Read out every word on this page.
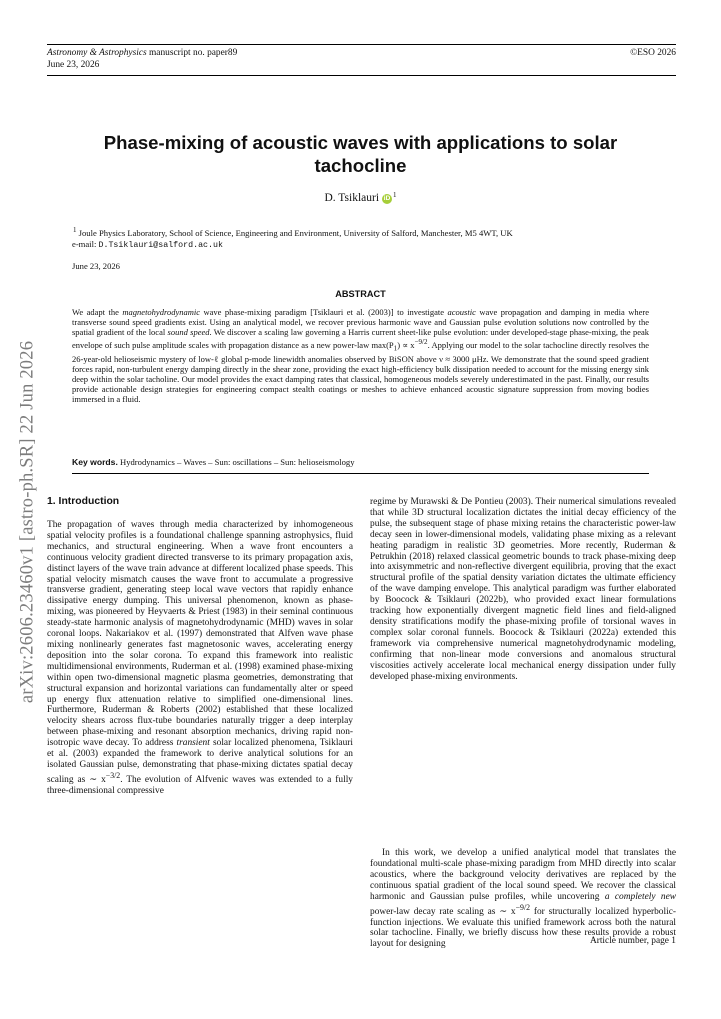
Astronomy & Astrophysics manuscript no. paper89
June 23, 2026
©ESO 2026
arXiv:2606.23460v1 [astro-ph.SR] 22 Jun 2026
Phase-mixing of acoustic waves with applications to solar tachocline
D. Tsiklauri iD $^1$
$^1$ Joule Physics Laboratory, School of Science, Engineering and Environment, University of Salford, Manchester, M5 4WT, UK
e-mail: D.Tsiklauri@salford.ac.uk
June 23, 2026
ABSTRACT

We adapt the magnetohydrodynamic wave phase-mixing paradigm [Tsiklauri et al. (2003)] to investigate acoustic wave propagation and damping in media where transverse sound speed gradients exist. Using an analytical model, we recover previous harmonic wave and Gaussian pulse evolution solutions now controlled by the spatial gradient of the local sound speed. We discover a scaling law governing a Harris current sheet-like pulse evolution: under developed-stage phase-mixing, the peak envelope of such pulse amplitude scales with propagation distance as a new power-law $\max(P_1) \propto x^{-9/2}$. Applying our model to the solar tachocline directly resolves the 26-year-old helioseismic mystery of low-ℓ global p-mode linewidth anomalies observed by BiSON above ν ≈ 3000 μHz. We demonstrate that the sound speed gradient forces rapid, non-turbulent energy damping directly in the shear zone, providing the exact high-efficiency bulk dissipation needed to account for the missing energy sink deep within the solar tacholine. Our model provides the exact damping rates that classical, homogeneous models severely underestimated in the past. Finally, our results provide actionable design strategies for engineering compact stealth coatings or meshes to achieve enhanced acoustic signature suppression from moving bodies immersed in a fluid.

Key words. Hydrodynamics – Waves – Sun: oscillations – Sun: helioseismology
1. Introduction

The propagation of waves through media characterized by inhomogeneous spatial velocity profiles is a foundational challenge spanning astrophysics, fluid mechanics, and structural engineering. When a wave front encounters a continuous velocity gradient directed transverse to its primary propagation axis, distinct layers of the wave train advance at different localized phase speeds. This spatial velocity mismatch causes the wave front to accumulate a progressive transverse gradient, generating steep local wave vectors that rapidly enhance dissipative energy dumping. This universal phenomenon, known as phase-mixing, was pioneered by Heyvaerts & Priest (1983) in their seminal continuous steady-state harmonic analysis of magnetohydrodynamic (MHD) waves in solar coronal loops. Nakariakov et al. (1997) demonstrated that Alfven wave phase mixing nonlinearly generates fast magnetosonic waves, accelerating energy deposition into the solar corona. To expand this framework into realistic multidimensional environments, Ruderman et al. (1998) examined phase-mixing within open two-dimensional magnetic plasma geometries, demonstrating that structural expansion and horizontal variations can fundamentally alter or speed up energy flux attenuation relative to simplified one-dimensional lines. Furthermore, Ruderman & Roberts (2002) established that these localized velocity shears across flux-tube boundaries naturally trigger a deep interplay between phase-mixing and resonant absorption mechanics, driving rapid non-isotropic wave decay. To address transient solar localized phenomena, Tsiklauri et al. (2003) expanded the framework to derive analytical solutions for an isolated Gaussian pulse, demonstrating that phase-mixing dictates spatial decay scaling as ∼ $x^{-3/2}$. The evolution of Alfvenic waves was extended to a fully three-dimensional compressive

regime by Murawski & De Pontieu (2003). Their numerical simulations revealed that while 3D structural localization dictates the initial decay efficiency of the pulse, the subsequent stage of phase mixing retains the characteristic power-law decay seen in lower-dimensional models, validating phase mixing as a relevant heating paradigm in realistic 3D geometries. More recently, Ruderman & Petrukhin (2018) relaxed classical geometric bounds to track phase-mixing deep into axisymmetric and non-reflective divergent equilibria, proving that the exact structural profile of the spatial density variation dictates the ultimate efficiency of the wave damping envelope. This analytical paradigm was further elaborated by Boocock & Tsiklauri (2022b), who provided exact linear formulations tracking how exponentially divergent magnetic field lines and field-aligned density stratifications modify the phase-mixing profile of torsional waves in complex solar coronal funnels. Boocock & Tsiklauri (2022a) extended this framework via comprehensive numerical magnetohydrodynamic modeling, confirming that non-linear mode conversions and anomalous structural viscosities actively accelerate local mechanical energy dissipation under fully developed phase-mixing environments.

In this work, we develop a unified analytical model that translates the foundational multi-scale phase-mixing paradigm from MHD directly into scalar acoustics, where the background velocity derivatives are replaced by the continuous spatial gradient of the local sound speed. We recover the classical harmonic and Gaussian pulse profiles, while uncovering a completely new power-law decay rate scaling as ∼ $x^{-9/2}$ for structurally localized hyperbolic-function injections. We evaluate this unified framework across both the natural solar tachocline. Finally, we briefly discuss how these results provide a robust layout for designing	Article number, page 1
